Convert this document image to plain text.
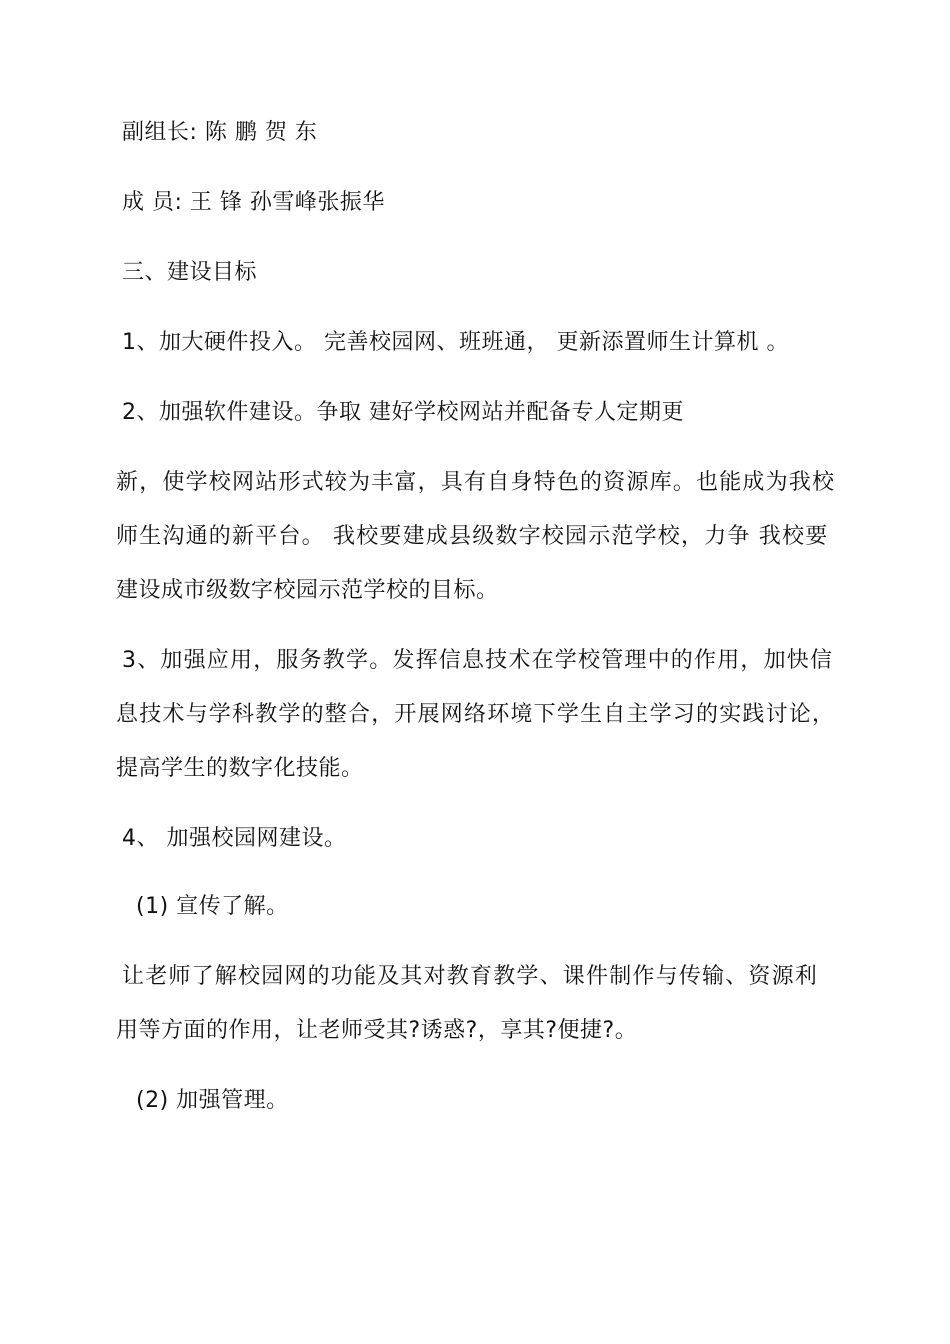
副组长: 陈 鹏 贺 东
成 员: 王 锋 孙雪峰张振华
三、建设目标
1、加大硬件投入。 完善校园网、班班通， 更新添置师生计算机 。
2、加强软件建设。争取 建好学校网站并配备专人定期更
新，使学校网站形式较为丰富，具有自身特色的资源库。也能成为我校
师生沟通的新平台。 我校要建成县级数字校园示范学校，力争 我校要
建设成市级数字校园示范学校的目标。
3、加强应用，服务教学。发挥信息技术在学校管理中的作用，加快信
息技术与学科教学的整合，开展网络环境下学生自主学习的实践讨论，
提高学生的数字化技能。
4、 加强校园网建设。
(1) 宣传了解。
让老师了解校园网的功能及其对教育教学、课件制作与传输、资源利
用等方面的作用，让老师受其?诱惑?，享其?便捷?。
(2) 加强管理。
